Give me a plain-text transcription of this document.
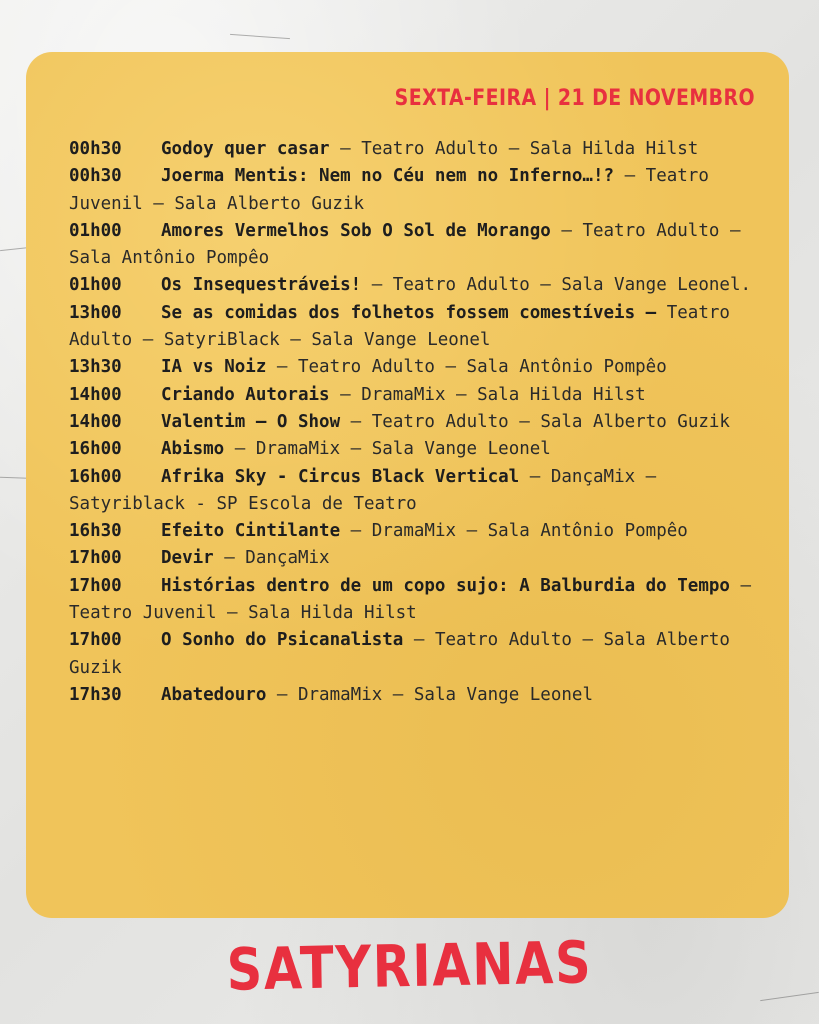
SEXTA-FEIRA | 21 DE NOVEMBRO

00h30 Godoy quer casar – Teatro Adulto – Sala Hilda Hilst

00h30 Joerma Mentis: Nem no Céu nem no Inferno…!? – Teatro Juvenil – Sala Alberto Guzik

01h00 Amores Vermelhos Sob O Sol de Morango – Teatro Adulto – Sala Antônio Pompêo

01h00 Os Insequestráveis! – Teatro Adulto – Sala Vange Leonel.

13h00 Se as comidas dos folhetos fossem comestíveis – Teatro Adulto – SatyriBlack – Sala Vange Leonel

13h30 IA vs Noiz – Teatro Adulto – Sala Antônio Pompêo

14h00 Criando Autorais – DramaMix – Sala Hilda Hilst

14h00 Valentim – O Show – Teatro Adulto – Sala Alberto Guzik

16h00 Abismo – DramaMix – Sala Vange Leonel

16h00 Afrika Sky - Circus Black Vertical – DançaMix – Satyriblack - SP Escola de Teatro

16h30 Efeito Cintilante – DramaMix – Sala Antônio Pompêo

17h00 Devir – DançaMix

17h00 Histórias dentro de um copo sujo: A Balburdia do Tempo – Teatro Juvenil – Sala Hilda Hilst

17h00 O Sonho do Psicanalista – Teatro Adulto – Sala Alberto Guzik

17h30 Abatedouro – DramaMix – Sala Vange Leonel

SATYRIANAS
